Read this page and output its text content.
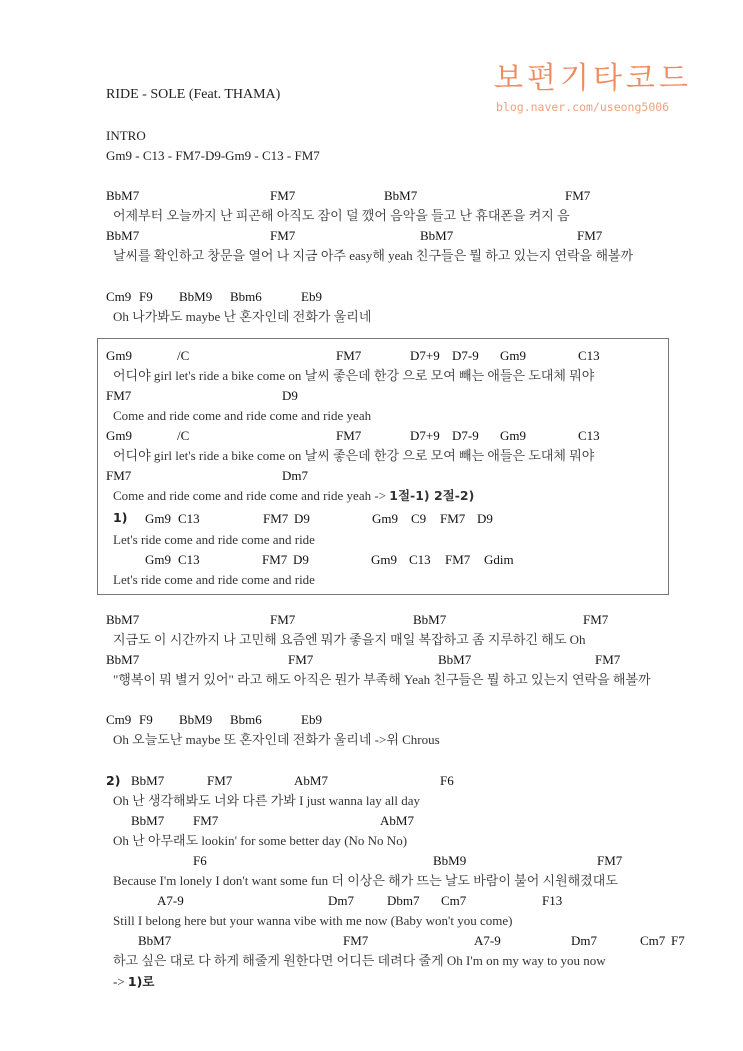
RIDE - SOLE (Feat. THAMA)	보편기타코드
blog.naver.com/useong5006
INTRO
Gm9 - C13 - FM7-D9-Gm9 - C13 - FM7
BbM7	FM7	BbM7	FM7
어제부터 오늘까지 난 피곤해 아직도 잠이 덜 깼어 음악을 들고 난 휴대폰을 켜지 음
BbM7	FM7	BbM7	FM7
날씨를 확인하고 창문을 열어 나 지금 아주 easy해 yeah 친구들은 뭘 하고 있는지 연락을 해볼까
Cm9 F9 BbM9 Bbm6	Eb9
Oh 나가봐도 maybe 난 혼자인데 전화가 울리네
Gm9	/C	FM7	D7+9 D7-9 Gm9	C13
어디야 girl let's ride a bike come on 날씨 좋은데 한강 으로 모여 빼는 애들은 도대체 뭐야
FM7	D9
Come and ride come and ride come and ride yeah
Gm9	/C	FM7	D7+9 D7-9 Gm9	C13
어디야 girl let's ride a bike come on 날씨 좋은데 한강 으로 모여 빼는 애들은 도대체 뭐야
FM7	Dm7
Come and ride come and ride come and ride yeah -> 1절-1) 2절-2)
1) Gm9 C13	FM7 D9	Gm9 C9 FM7 D9
Let's ride come and ride come and ride
Gm9 C13	FM7 D9	Gm9 C13 FM7 Gdim
Let's ride come and ride come and ride
BbM7	FM7	BbM7	FM7
지금도 이 시간까지 나 고민해 요즘엔 뭐가 좋을지 매일 복잡하고 좀 지루하긴 해도 Oh
BbM7	FM7	BbM7	FM7
"행복이 뭐 별거 있어" 라고 해도 아직은 뭔가 부족해 Yeah 친구들은 뭘 하고 있는지 연락을 해볼까
Cm9 F9 BbM9 Bbm6	Eb9
Oh 오늘도난 maybe 또 혼자인데 전화가 울리네 ->위 Chrous
2) BbM7	FM7	AbM7	F6
Oh 난 생각해봐도 너와 다른 가봐 I just wanna lay all day
BbM7 FM7	AbM7
Oh 난 아무래도 lookin' for some better day (No No No)
F6	BbM9	FM7
Because I'm lonely I don't want some fun 더 이상은 해가 뜨는 날도 바람이 불어 시원해졌대도
A7-9	Dm7	Dbm7 Cm7	F13
Still I belong here but your wanna vibe with me now (Baby won't you come)
BbM7	FM7	A7-9	Dm7	Cm7 F7
하고 싶은 대로 다 하게 해줄게 원한다면 어디든 데려다 줄게 Oh I'm on my way to you now
-> 1)로
